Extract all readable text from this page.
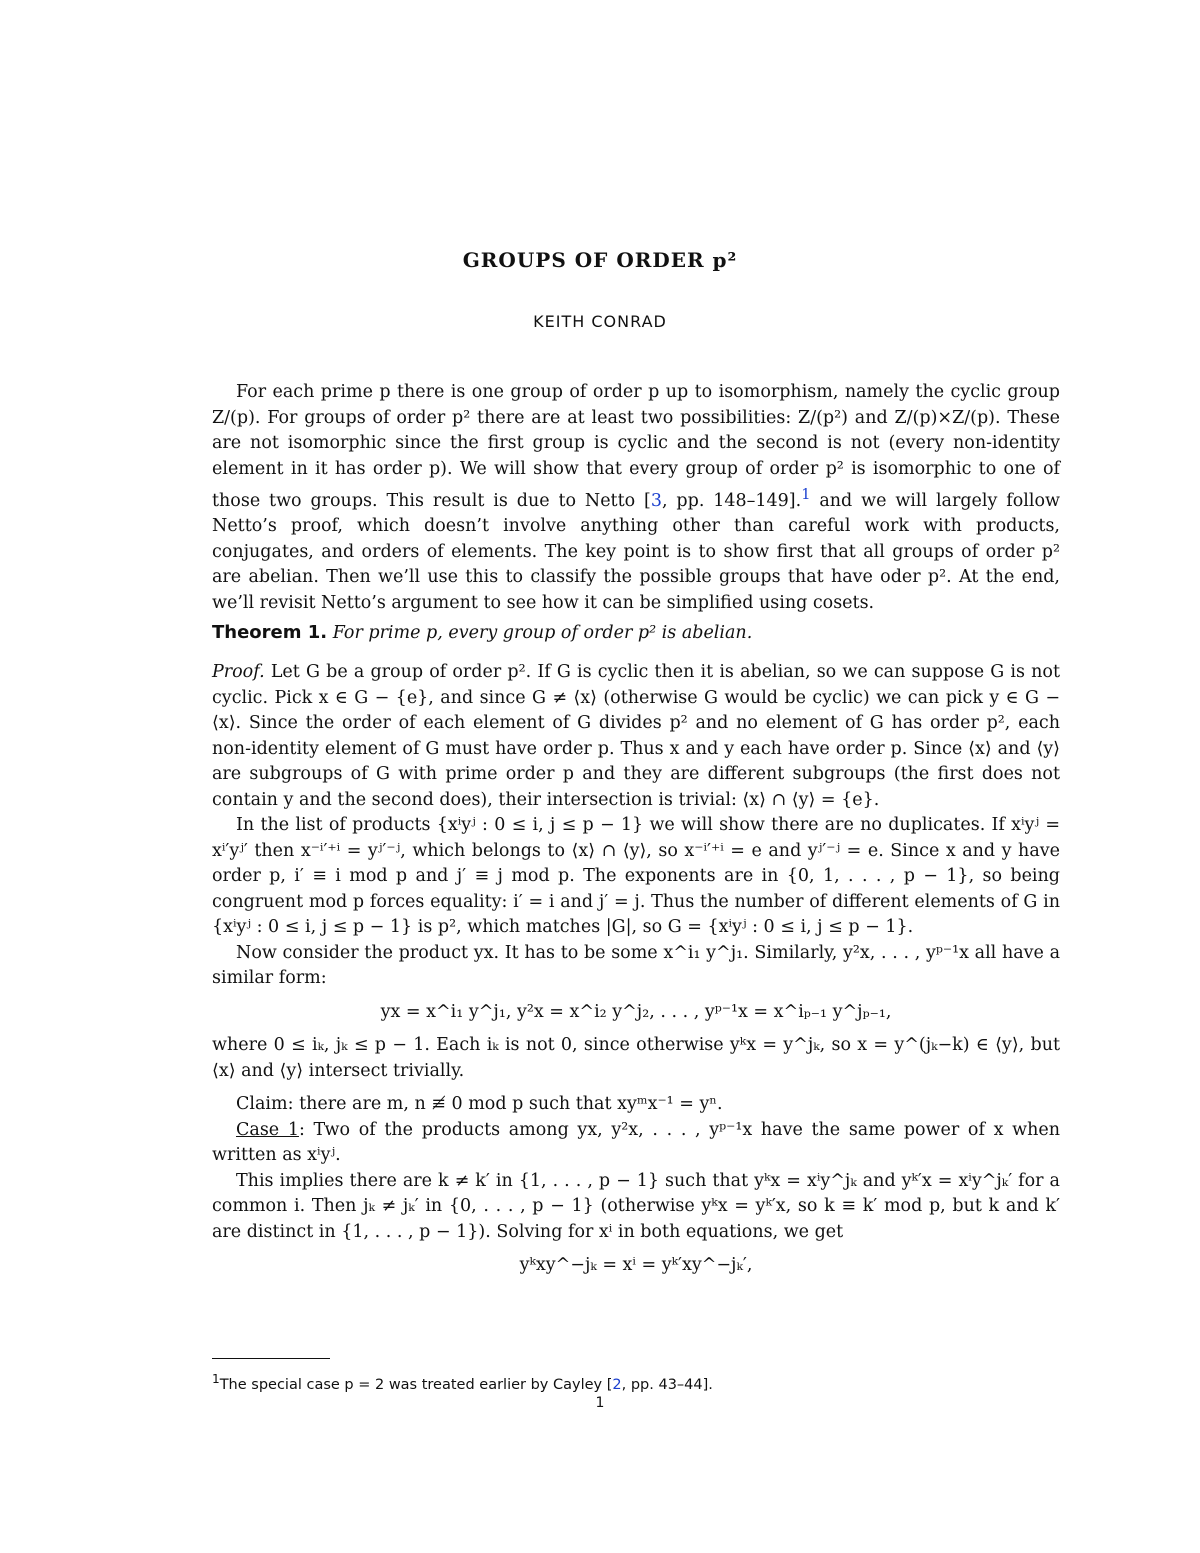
GROUPS OF ORDER p²
KEITH CONRAD

For each prime p there is one group of order p up to isomorphism, namely the cyclic group Z/(p). For groups of order p² there are at least two possibilities: Z/(p²) and Z/(p)×Z/(p). These are not isomorphic since the first group is cyclic and the second is not (every non-identity element in it has order p). We will show that every group of order p² is isomorphic to one of those two groups. This result is due to Netto [3, pp. 148–149].$^1$ and we will largely follow Netto’s proof, which doesn’t involve anything other than careful work with products, conjugates, and orders of elements. The key point is to show first that all groups of order p² are abelian. Then we’ll use this to classify the possible groups that have oder p². At the end, we’ll revisit Netto’s argument to see how it can be simplified using cosets.

Theorem 1. For prime p, every group of order p² is abelian.

Proof. Let G be a group of order p². If G is cyclic then it is abelian, so we can suppose G is not cyclic. Pick x ∈ G − {e}, and since G ≠ ⟨x⟩ (otherwise G would be cyclic) we can pick y ∈ G − ⟨x⟩. Since the order of each element of G divides p² and no element of G has order p², each non-identity element of G must have order p. Thus x and y each have order p. Since ⟨x⟩ and ⟨y⟩ are subgroups of G with prime order p and they are different subgroups (the first does not contain y and the second does), their intersection is trivial: ⟨x⟩ ∩ ⟨y⟩ = {e}.

In the list of products {xⁱyʲ : 0 ≤ i, j ≤ p − 1} we will show there are no duplicates. If xⁱyʲ = xⁱ′yʲ′ then x⁻ⁱ′⁺ⁱ = yʲ′⁻ʲ, which belongs to ⟨x⟩ ∩ ⟨y⟩, so x⁻ⁱ′⁺ⁱ = e and yʲ′⁻ʲ = e. Since x and y have order p, i′ ≡ i mod p and j′ ≡ j mod p. The exponents are in {0, 1, . . . , p − 1}, so being congruent mod p forces equality: i′ = i and j′ = j. Thus the number of different elements of G in {xⁱyʲ : 0 ≤ i, j ≤ p − 1} is p², which matches |G|, so G = {xⁱyʲ : 0 ≤ i, j ≤ p − 1}.

Now consider the product yx. It has to be some x^i₁ y^j₁. Similarly, y²x, . . . , yᵖ⁻¹x all have a similar form:

yx = x^i₁ y^j₁, y²x = x^i₂ y^j₂, . . . , yᵖ⁻¹x = x^iₚ₋₁ y^jₚ₋₁,

where 0 ≤ iₖ, jₖ ≤ p − 1. Each iₖ is not 0, since otherwise yᵏx = y^jₖ, so x = y^(jₖ−k) ∈ ⟨y⟩, but ⟨x⟩ and ⟨y⟩ intersect trivially.

Claim: there are m, n ≢ 0 mod p such that xyᵐx⁻¹ = yⁿ.

Case 1: Two of the products among yx, y²x, . . . , yᵖ⁻¹x have the same power of x when written as xⁱyʲ.

This implies there are k ≠ k′ in {1, . . . , p − 1} such that yᵏx = xⁱy^jₖ and yᵏ′x = xⁱy^jₖ′ for a common i. Then jₖ ≠ jₖ′ in {0, . . . , p − 1} (otherwise yᵏx = yᵏ′x, so k ≡ k′ mod p, but k and k′ are distinct in {1, . . . , p − 1}). Solving for xⁱ in both equations, we get

yᵏxy^−jₖ = xⁱ = yᵏ′xy^−jₖ′,

$^1$The special case p = 2 was treated earlier by Cayley [2, pp. 43–44].
1
